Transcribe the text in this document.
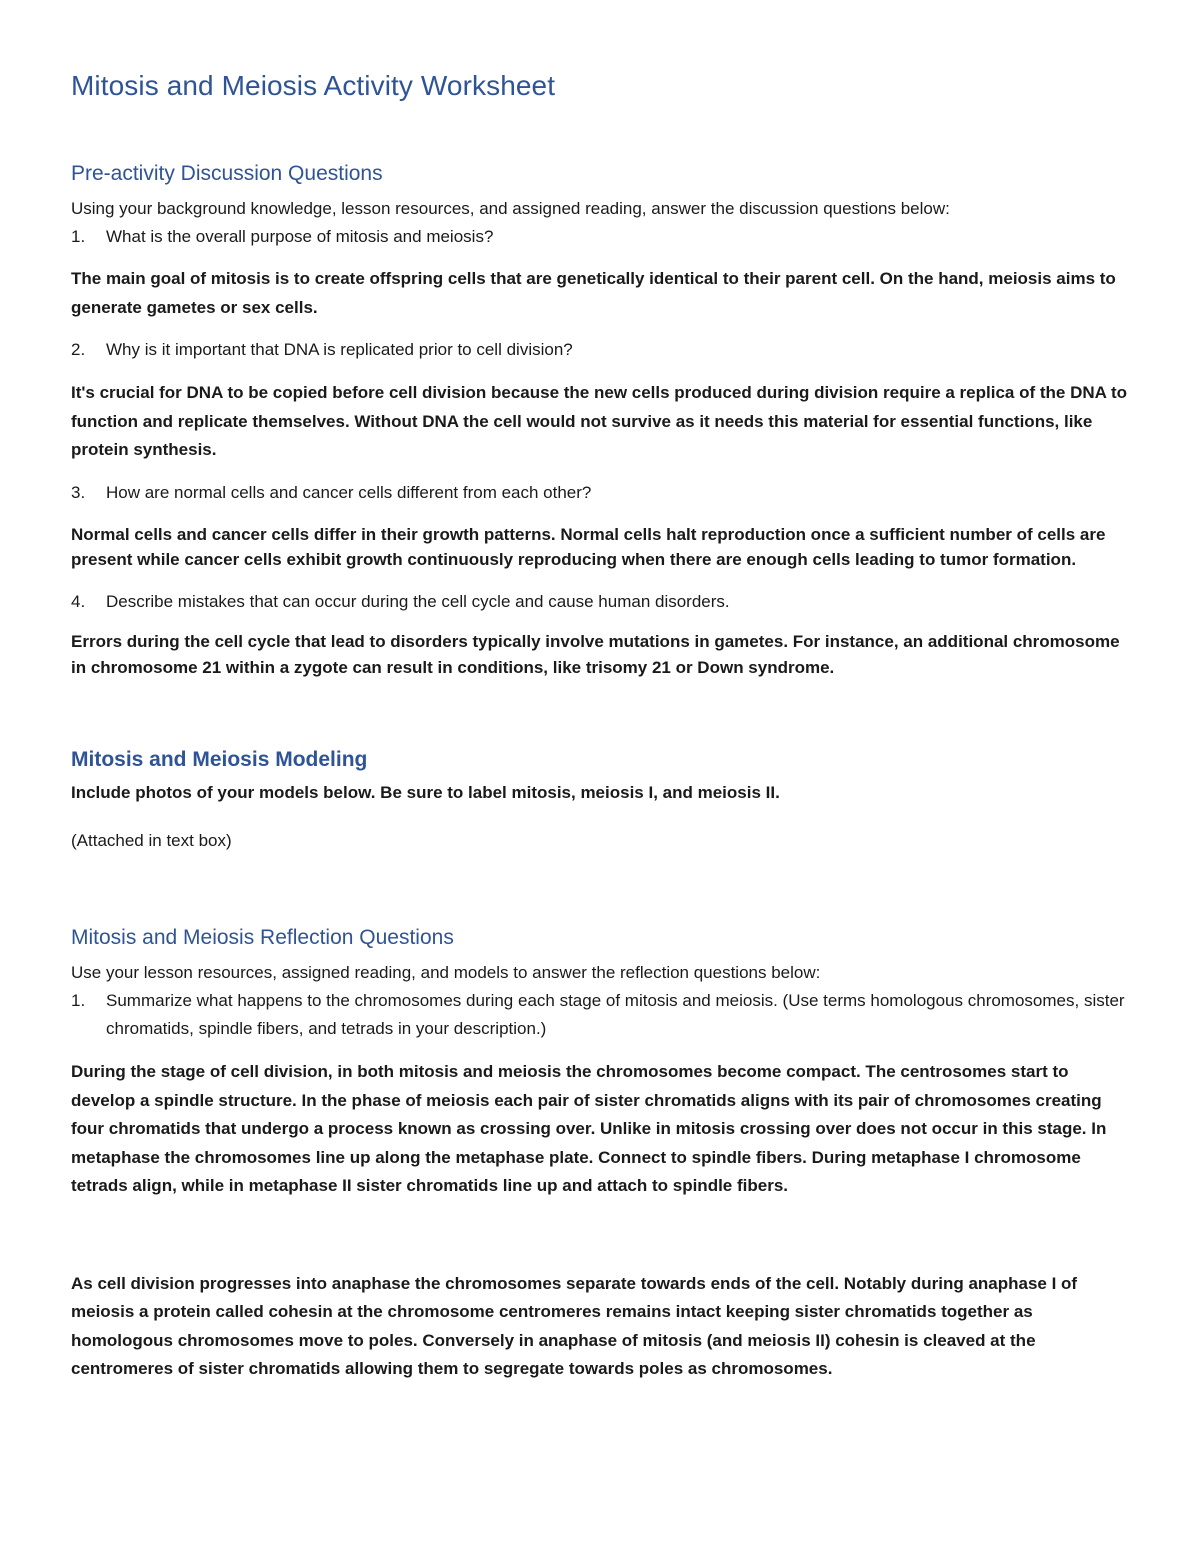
Mitosis and Meiosis Activity Worksheet
Pre-activity Discussion Questions

Using your background knowledge, lesson resources, and assigned reading, answer the discussion questions below:

1.	What is the overall purpose of mitosis and meiosis?

The main goal of mitosis is to create offspring cells that are genetically identical to their parent cell. On the hand, meiosis aims to generate gametes or sex cells.

2.	Why is it important that DNA is replicated prior to cell division?

It's crucial for DNA to be copied before cell division because the new cells produced during division require a replica of the DNA to function and replicate themselves. Without DNA the cell would not survive as it needs this material for essential functions, like protein synthesis.

3.	How are normal cells and cancer cells different from each other?

Normal cells and cancer cells differ in their growth patterns. Normal cells halt reproduction once a sufficient number of cells are present while cancer cells exhibit growth continuously reproducing when there are enough cells leading to tumor formation.

4.	Describe mistakes that can occur during the cell cycle and cause human disorders.

Errors during the cell cycle that lead to disorders typically involve mutations in gametes. For instance, an additional chromosome in chromosome 21 within a zygote can result in conditions, like trisomy 21 or Down syndrome.

Mitosis and Meiosis Modeling

Include photos of your models below. Be sure to label mitosis, meiosis I, and meiosis II.

(Attached in text box)

Mitosis and Meiosis Reflection Questions

Use your lesson resources, assigned reading, and models to answer the reflection questions below:

1.	Summarize what happens to the chromosomes during each stage of mitosis and meiosis. (Use terms homologous chromosomes, sister chromatids, spindle fibers, and tetrads in your description.)

During the stage of cell division, in both mitosis and meiosis the chromosomes become compact. The centrosomes start to develop a spindle structure. In the phase of meiosis each pair of sister chromatids aligns with its pair of chromosomes creating four chromatids that undergo a process known as crossing over. Unlike in mitosis crossing over does not occur in this stage. In metaphase the chromosomes line up along the metaphase plate. Connect to spindle fibers. During metaphase I chromosome tetrads align, while in metaphase II sister chromatids line up and attach to spindle fibers.

As cell division progresses into anaphase the chromosomes separate towards ends of the cell. Notably during anaphase I of meiosis a protein called cohesin at the chromosome centromeres remains intact keeping sister chromatids together as homologous chromosomes move to poles. Conversely in anaphase of mitosis (and meiosis II) cohesin is cleaved at the centromeres of sister chromatids allowing them to segregate towards poles as chromosomes.
